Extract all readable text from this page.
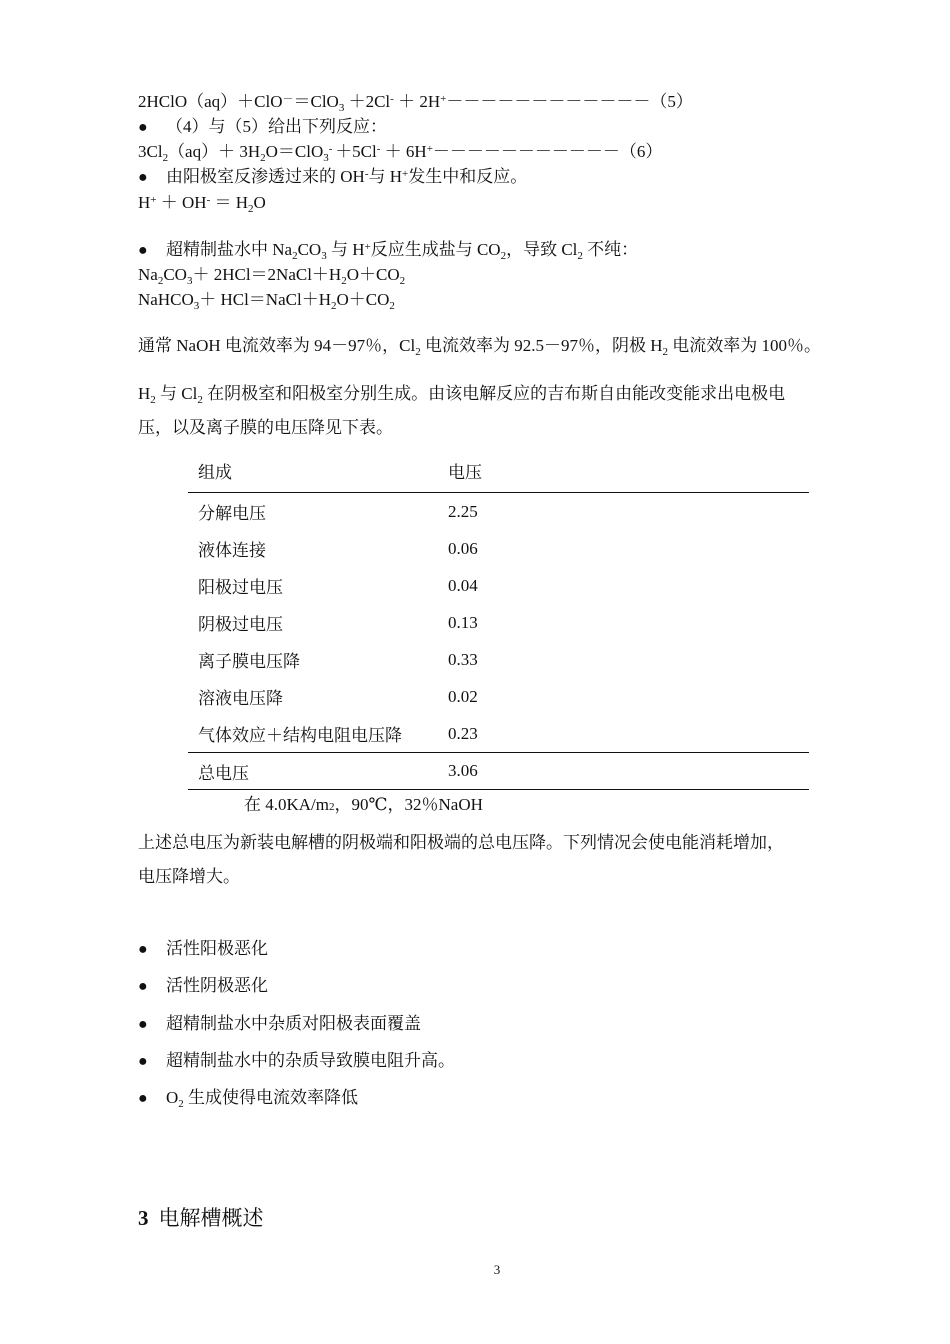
2HClO（aq）＋ClO－＝ClO$_3$ ＋2Cl- ＋ 2H+－－－－－－－－－－－－（5）
● （4）与（5）给出下列反应：
$3Cl_2(aq)+ 3H_2O=ClO_3^- +5Cl^- + 6H^+-----------(6)$
● 由阳极室反渗透过来的 OH-与 H+发生中和反应。
$H^+ + OH^- = H_2O$
● 超精制盐水中 $Na_2CO_3$ 与 H+反应生成盐与 $CO_2$，导致 $Cl_2$ 不纯：
$Na_2CO_3+$ $2HCl=2NaCl+H_2O+CO_2$
NaHCO$_3$＋ $HCl=NaCl+H_2O+CO_2$
通常 NaOH 电流效率为 94－97％，$Cl_2$ 电流效率为 92.5－97％，阴极 $H_2$ 电流效率为 100％。
$H_2$ 与 $Cl_2$ 在阴极室和阳极室分别生成。由该电解反应的吉布斯自由能改变能求出电极电
压，以及离子膜的电压降见下表。
组成	电压
分解电压	2.25
液体连接	0.06
阳极过电压	0.04
阴极过电压	0.13
离子膜电压降	0.33
溶液电压降	0.02
气体效应＋结构电阻电压降	0.23
总电压	3.06
在 4.0KA/m2，90℃，32％NaOH
上述总电压为新装电解槽的阴极端和阳极端的总电压降。下列情况会使电能消耗增加，
电压降增大。
● 活性阳极恶化
● 活性阴极恶化
● 超精制盐水中杂质对阳极表面覆盖
● 超精制盐水中的杂质导致膜电阻升高。
● $O_2$ 生成使得电流效率降低
3 电解槽概述
3
